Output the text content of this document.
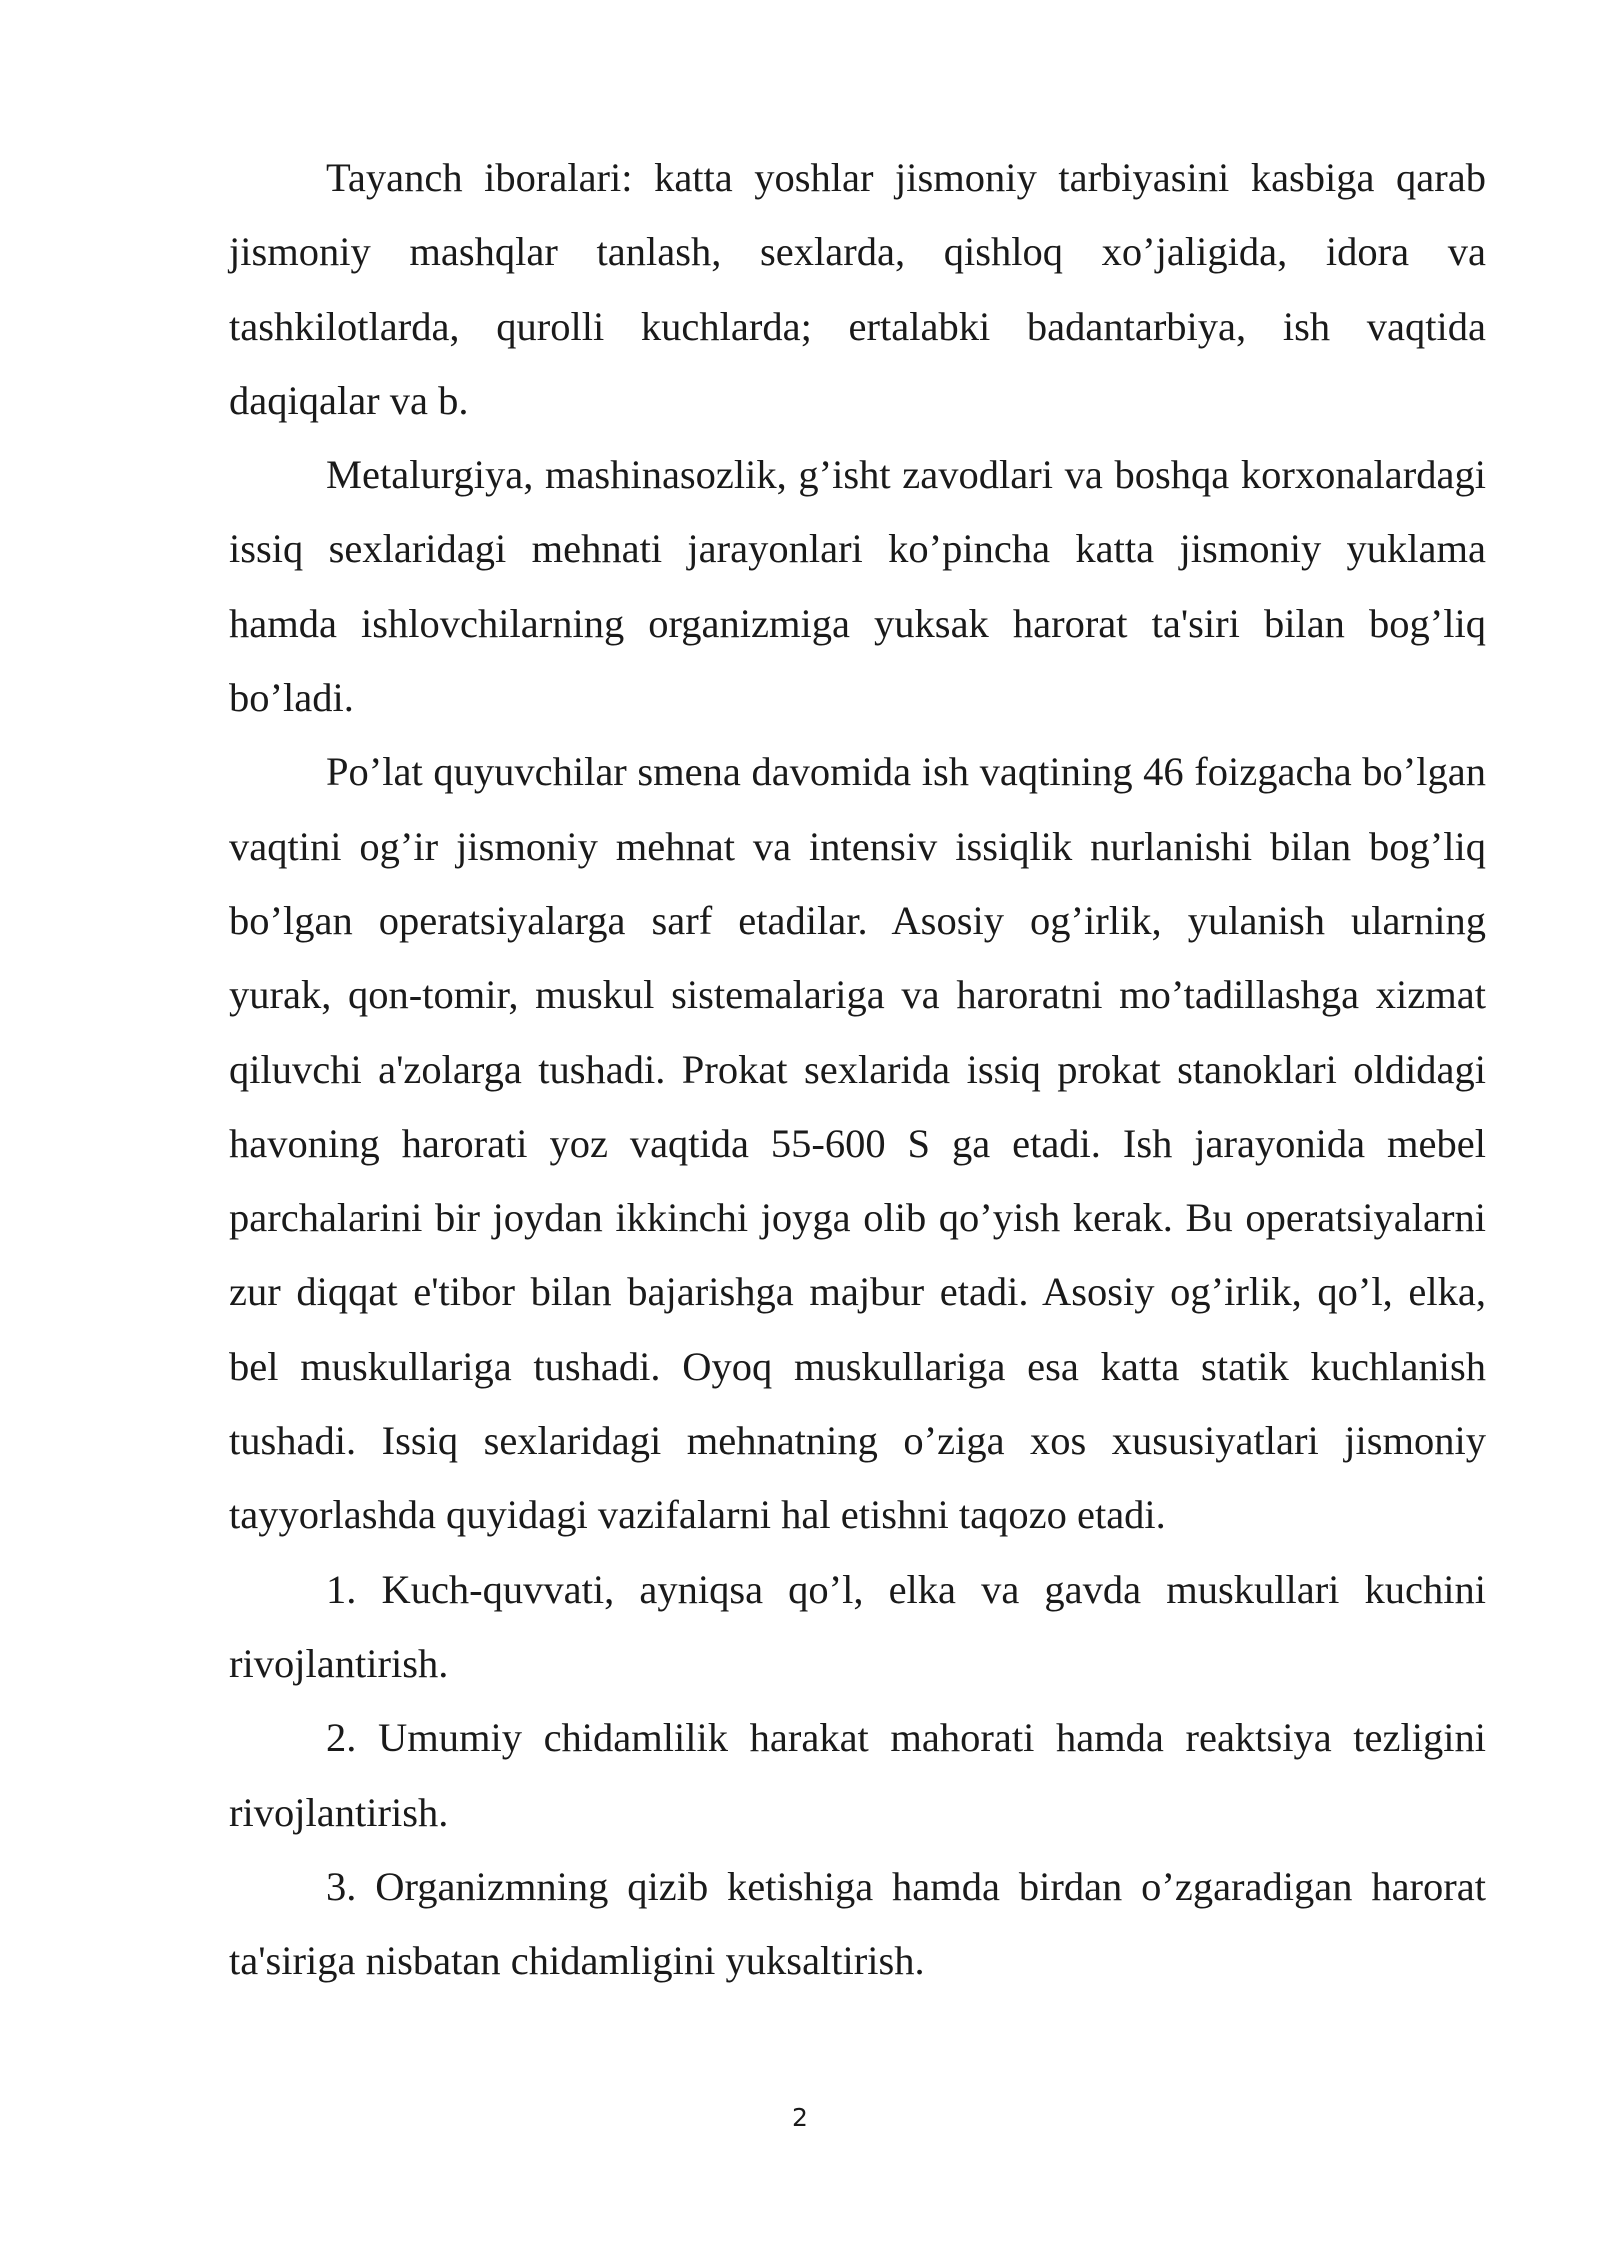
Tayanch iboralari: katta yoshlar jismoniy tarbiyasini kasbiga qarab jismoniy mashqlar tanlash, sexlarda, qishloq xo’jaligida, idora va tashkilotlarda, qurolli kuchlarda; ertalabki badantarbiya, ish vaqtida daqiqalar va b.

Metalurgiya, mashinasozlik, g’isht zavodlari va boshqa korxonalardagi issiq sexlaridagi mehnati jarayonlari ko’pincha katta jismoniy yuklama hamda ishlovchilarning organizmiga yuksak harorat ta'siri bilan bog’liq bo’ladi.

Po’lat quyuvchilar smena davomida ish vaqtining 46 foizgacha bo’lgan vaqtini og’ir jismoniy mehnat va intensiv issiqlik nurlanishi bilan bog’liq bo’lgan operatsiyalarga sarf etadilar. Asosiy og’irlik, yulanish ularning yurak, qon-tomir, muskul sistemalariga va haroratni mo’tadillashga xizmat qiluvchi a'zolarga tushadi. Prokat sexlarida issiq prokat stanoklari oldidagi havoning harorati yoz vaqtida 55-600 S ga etadi. Ish jarayonida mebel parchalarini bir joydan ikkinchi joyga olib qo’yish kerak. Bu operatsiyalarni zur diqqat e'tibor bilan bajarishga majbur etadi. Asosiy og’irlik, qo’l, elka, bel muskullariga tushadi. Oyoq muskullariga esa katta statik kuchlanish tushadi. Issiq sexlaridagi mehnatning o’ziga xos xususiyatlari jismoniy tayyorlashda quyidagi vazifalarni hal etishni taqozo etadi.

1. Kuch-quvvati, ayniqsa qo’l, elka va gavda muskullari kuchini rivojlantirish.

2. Umumiy chidamlilik harakat mahorati hamda reaktsiya tezligini rivojlantirish.

3. Organizmning qizib ketishiga hamda birdan o’zgaradigan harorat ta'siriga nisbatan chidamligini yuksaltirish.

2
